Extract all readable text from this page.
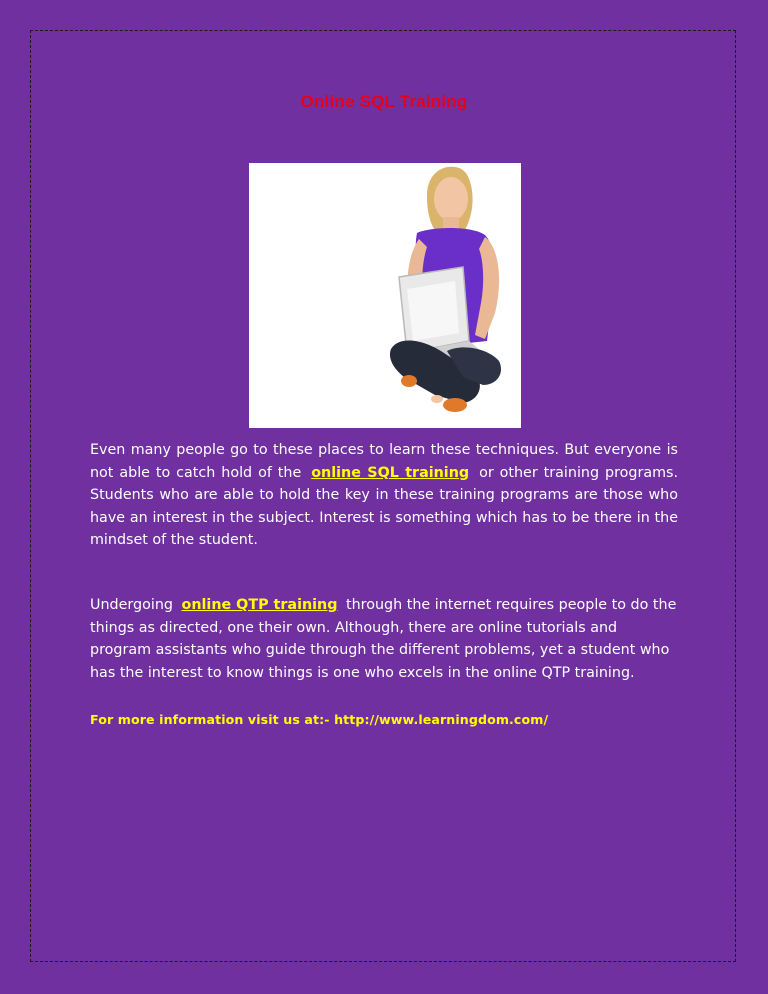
Online SQL Training

Even many people go to these places to learn these techniques. But everyone is not able to catch hold of the online SQL training or other training programs. Students who are able to hold the key in these training programs are those who have an interest in the subject. Interest is something which has to be there in the mindset of the student.

Undergoing online QTP training through the internet requires people to do the things as directed, one their own. Although, there are online tutorials and program assistants who guide through the different problems, yet a student who has the interest to know things is one who excels in the online QTP training.

For more information visit us at:- http://www.learningdom.com/
